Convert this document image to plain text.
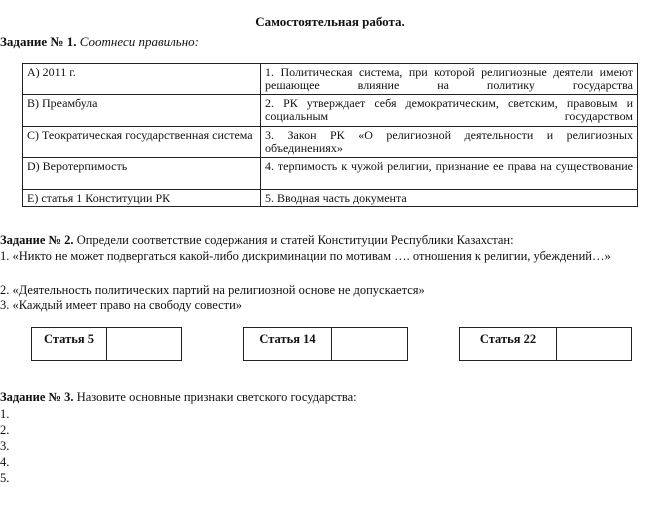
Самостоятельная работа.
Задание № 1. Соотнеси правильно:
А) 2011 г.	1. Политическая система, при которой религиозные деятели имеют решающее влияние на политику государства
В) Преамбула	2. РК утверждает себя демократическим, светским, правовым и социальным государством
С) Теократическая государственная система	3. Закон РК «О религиозной деятельности и религиозных объединениях»
D) Веротерпимость	4. терпимость к чужой религии, признание ее права на существование
Е) статья 1 Конституции РК	5. Вводная часть документа
Задание № 2. Определи соответствие содержания и статей Конституции Республики Казахстан:
1. «Никто не может подвергаться какой-либо дискриминации по мотивам …. отношения к религии, убеждений…»
2. «Деятельность политических партий на религиозной основе не допускается»
3. «Каждый имеет право на свободу совести»
Статья 5	Статья 14	Статья 22
Задание № 3. Назовите основные признаки светского государства:
1.
2.
3.
4.
5.
